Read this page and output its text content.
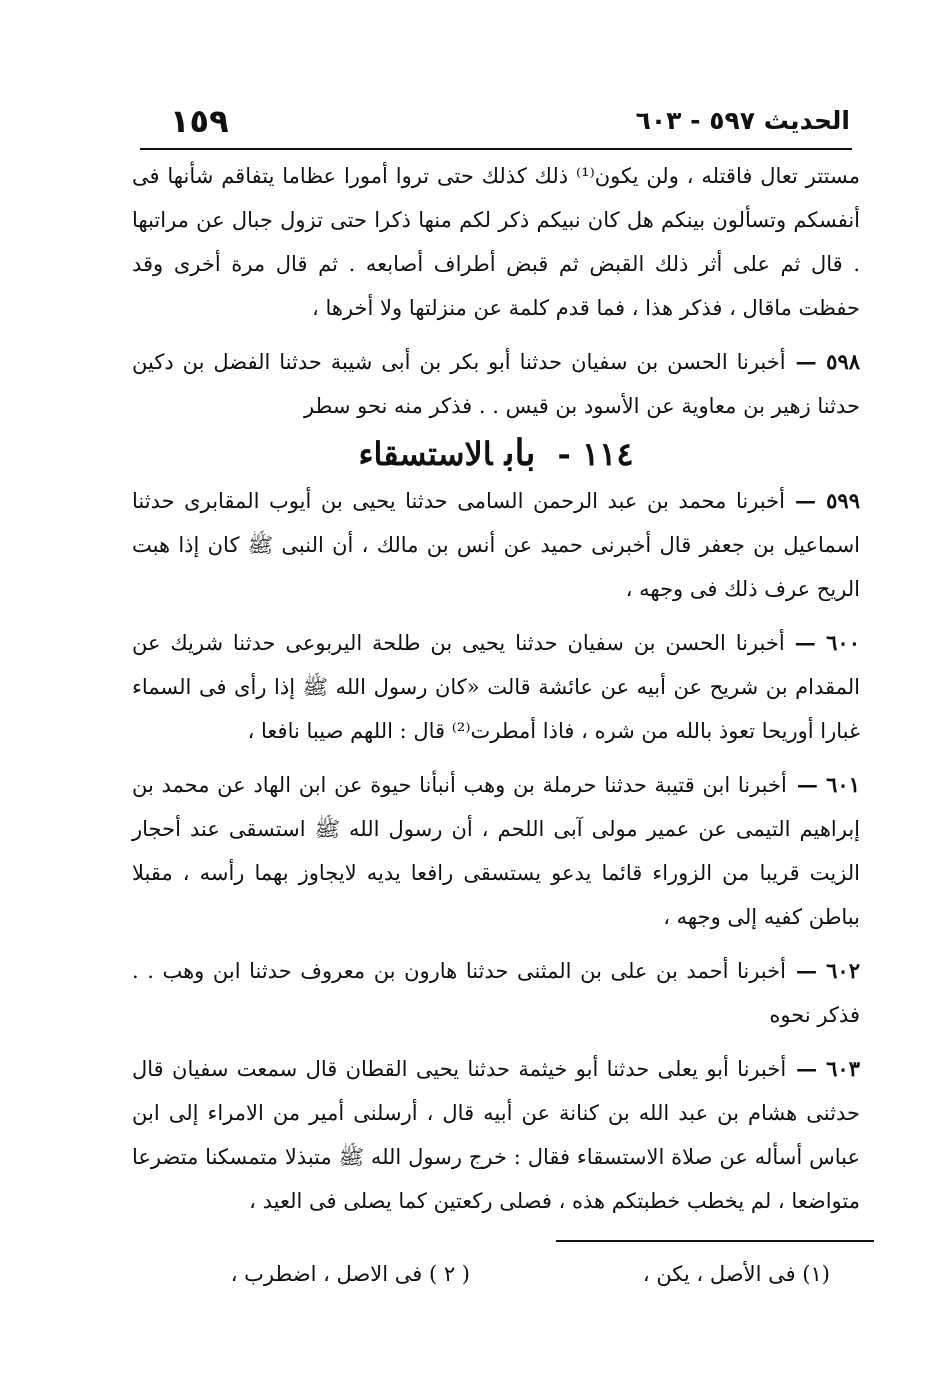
الحديث ٥٩٧ - ٦٠٣
١٥٩

مستتر تعال فاقتله ، ولن يكون⁽¹⁾ ذلك كذلك حتى تروا أمورا عظاما يتفاقم شأنها فى أنفسكم وتسألون بينكم هل كان نبيكم ذكر لكم منها ذكرا حتى تزول جبال عن مراتبها . قال ثم على أثر ذلك القبض ثم قبض أطراف أصابعه . ثم قال مرة أخرى وقد حفظت ماقال ، فذكر هذا ، فما قدم كلمة عن منزلتها ولا أخرها ،

٥٩٨ —أخبرنا الحسن بن سفيان حدثنا أبو بكر بن أبى شيبة حدثنا الفضل بن دكين حدثنا زهير بن معاوية عن الأسود بن قيس . . فذكر منه نحو سطر

١١٤ -بابالاستسقاء

٥٩٩ —أخبرنا محمد بن عبد الرحمن السامى حدثنا يحيى بن أيوب المقابرى حدثنا اسماعيل بن جعفر قال أخبرنى حميد عن أنس بن مالك ، أن النبى ﷺ كان إذا هبت الريح عرف ذلك فى وجهه ،

٦٠٠ —أخبرنا الحسن بن سفيان حدثنا يحيى بن طلحة اليربوعى حدثنا شريك عن المقدام بن شريح عن أبيه عن عائشة قالت «كان رسول الله ﷺ إذا رأى فى السماء غبارا أوريحا تعوذ بالله من شره ، فاذا أمطرت⁽²⁾ قال : اللهم صيبا نافعا ،

٦٠١ —أخبرنا ابن قتيبة حدثنا حرملة بن وهب أنبأنا حيوة عن ابن الهاد عن محمد بن إبراهيم التيمى عن عمير مولى آبى اللحم ، أن رسول الله ﷺ استسقى عند أحجار الزيت قريبا من الزوراء قائما يدعو يستسقى رافعا يديه لايجاوز بهما رأسه ، مقبلا بباطن كفيه إلى وجهه ،

٦٠٢ —أخبرنا أحمد بن على بن المثنى حدثنا هارون بن معروف حدثنا ابن وهب . . فذكر نحوه

٦٠٣ —أخبرنا أبو يعلى حدثنا أبو خيثمة حدثنا يحيى القطان قال سمعت سفيان قال حدثنى هشام بن عبد الله بن كنانة عن أبيه قال ، أرسلنى أمير من الامراء إلى ابن عباس أسأله عن صلاة الاستسقاء فقال : خرج رسول الله ﷺ متبذلا متمسكنا متضرعا متواضعا ، لم يخطب خطبتكم هذه ، فصلى ركعتين كما يصلى فى العيد ،

(١) فى الأصل ، يكن ،
( ٢ ) فى الاصل ، اضطرب ،
